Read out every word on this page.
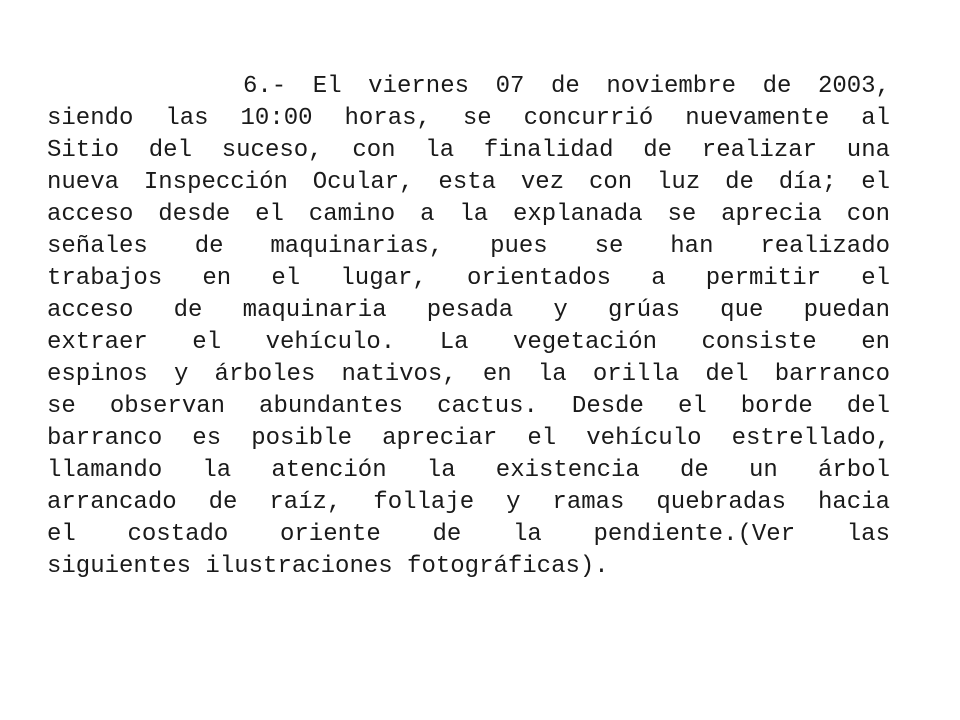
6.- El viernes 07 de noviembre de 2003,
siendo las 10:00 horas, se concurrió nuevamente al
Sitio del suceso, con la finalidad de realizar una
nueva Inspección Ocular, esta vez con luz de día; el
acceso desde el camino a la explanada se aprecia con
señales de maquinarias, pues se han realizado
trabajos en el lugar, orientados a permitir el
acceso de maquinaria pesada y grúas que puedan
extraer el vehículo. La vegetación consiste en
espinos y árboles nativos, en la orilla del barranco
se observan abundantes cactus. Desde el borde del
barranco es posible apreciar el vehículo estrellado,
llamando la atención la existencia de un árbol
arrancado de raíz, follaje y ramas quebradas hacia
el costado oriente de la pendiente.(Ver las
siguientes ilustraciones fotográficas).
